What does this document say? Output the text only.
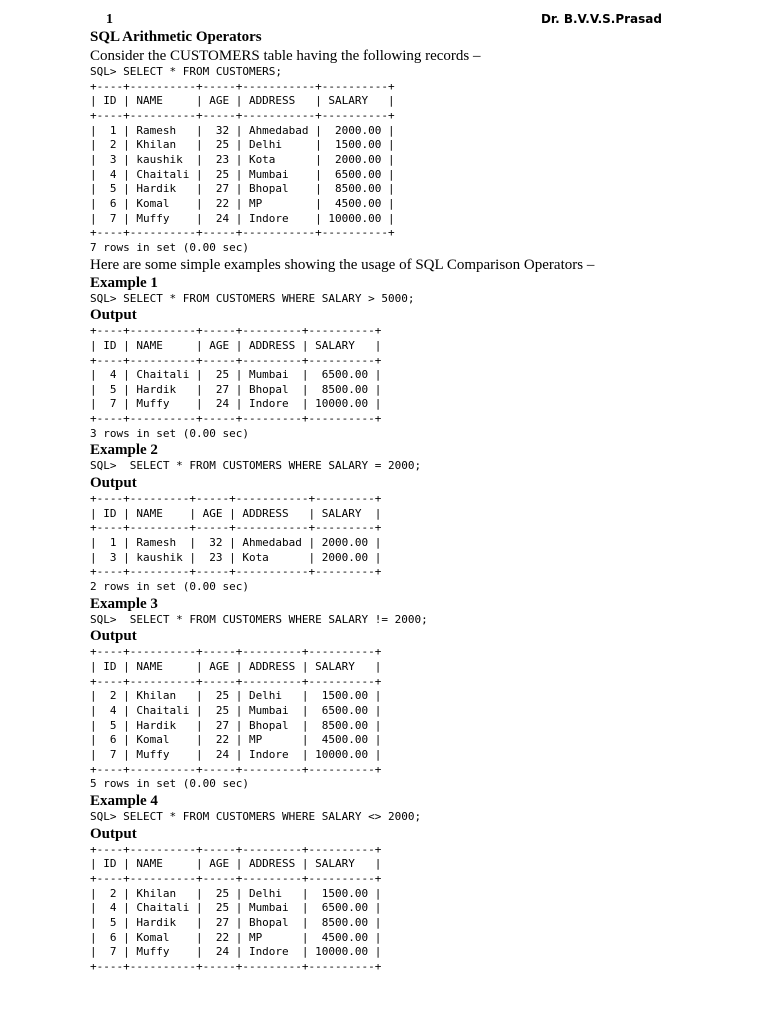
1	Dr. B.V.V.S.Prasad
SQL Arithmetic Operators
Consider the CUSTOMERS table having the following records –
SQL> SELECT * FROM CUSTOMERS;
+----+----------+-----+-----------+----------+
| ID | NAME     | AGE | ADDRESS   | SALARY   |
+----+----------+-----+-----------+----------+
|  1 | Ramesh   |  32 | Ahmedabad |  2000.00 |
|  2 | Khilan   |  25 | Delhi     |  1500.00 |
|  3 | kaushik  |  23 | Kota      |  2000.00 |
|  4 | Chaitali |  25 | Mumbai    |  6500.00 |
|  5 | Hardik   |  27 | Bhopal    |  8500.00 |
|  6 | Komal    |  22 | MP        |  4500.00 |
|  7 | Muffy    |  24 | Indore    | 10000.00 |
+----+----------+-----+-----------+----------+
7 rows in set (0.00 sec)
Here are some simple examples showing the usage of SQL Comparison Operators –
Example 1
SQL> SELECT * FROM CUSTOMERS WHERE SALARY > 5000;
Output
+----+----------+-----+---------+----------+
| ID | NAME     | AGE | ADDRESS | SALARY   |
+----+----------+-----+---------+----------+
|  4 | Chaitali |  25 | Mumbai  |  6500.00 |
|  5 | Hardik   |  27 | Bhopal  |  8500.00 |
|  7 | Muffy    |  24 | Indore  | 10000.00 |
+----+----------+-----+---------+----------+
3 rows in set (0.00 sec)
Example 2
SQL>  SELECT * FROM CUSTOMERS WHERE SALARY = 2000;
Output
+----+---------+-----+-----------+---------+
| ID | NAME    | AGE | ADDRESS   | SALARY  |
+----+---------+-----+-----------+---------+
|  1 | Ramesh  |  32 | Ahmedabad | 2000.00 |
|  3 | kaushik |  23 | Kota      | 2000.00 |
+----+---------+-----+-----------+---------+
2 rows in set (0.00 sec)
Example 3
SQL>  SELECT * FROM CUSTOMERS WHERE SALARY != 2000;
Output
+----+----------+-----+---------+----------+
| ID | NAME     | AGE | ADDRESS | SALARY   |
+----+----------+-----+---------+----------+
|  2 | Khilan   |  25 | Delhi   |  1500.00 |
|  4 | Chaitali |  25 | Mumbai  |  6500.00 |
|  5 | Hardik   |  27 | Bhopal  |  8500.00 |
|  6 | Komal    |  22 | MP      |  4500.00 |
|  7 | Muffy    |  24 | Indore  | 10000.00 |
+----+----------+-----+---------+----------+
5 rows in set (0.00 sec)
Example 4
SQL> SELECT * FROM CUSTOMERS WHERE SALARY <> 2000;
Output
+----+----------+-----+---------+----------+
| ID | NAME     | AGE | ADDRESS | SALARY   |
+----+----------+-----+---------+----------+
|  2 | Khilan   |  25 | Delhi   |  1500.00 |
|  4 | Chaitali |  25 | Mumbai  |  6500.00 |
|  5 | Hardik   |  27 | Bhopal  |  8500.00 |
|  6 | Komal    |  22 | MP      |  4500.00 |
|  7 | Muffy    |  24 | Indore  | 10000.00 |
+----+----------+-----+---------+----------+
